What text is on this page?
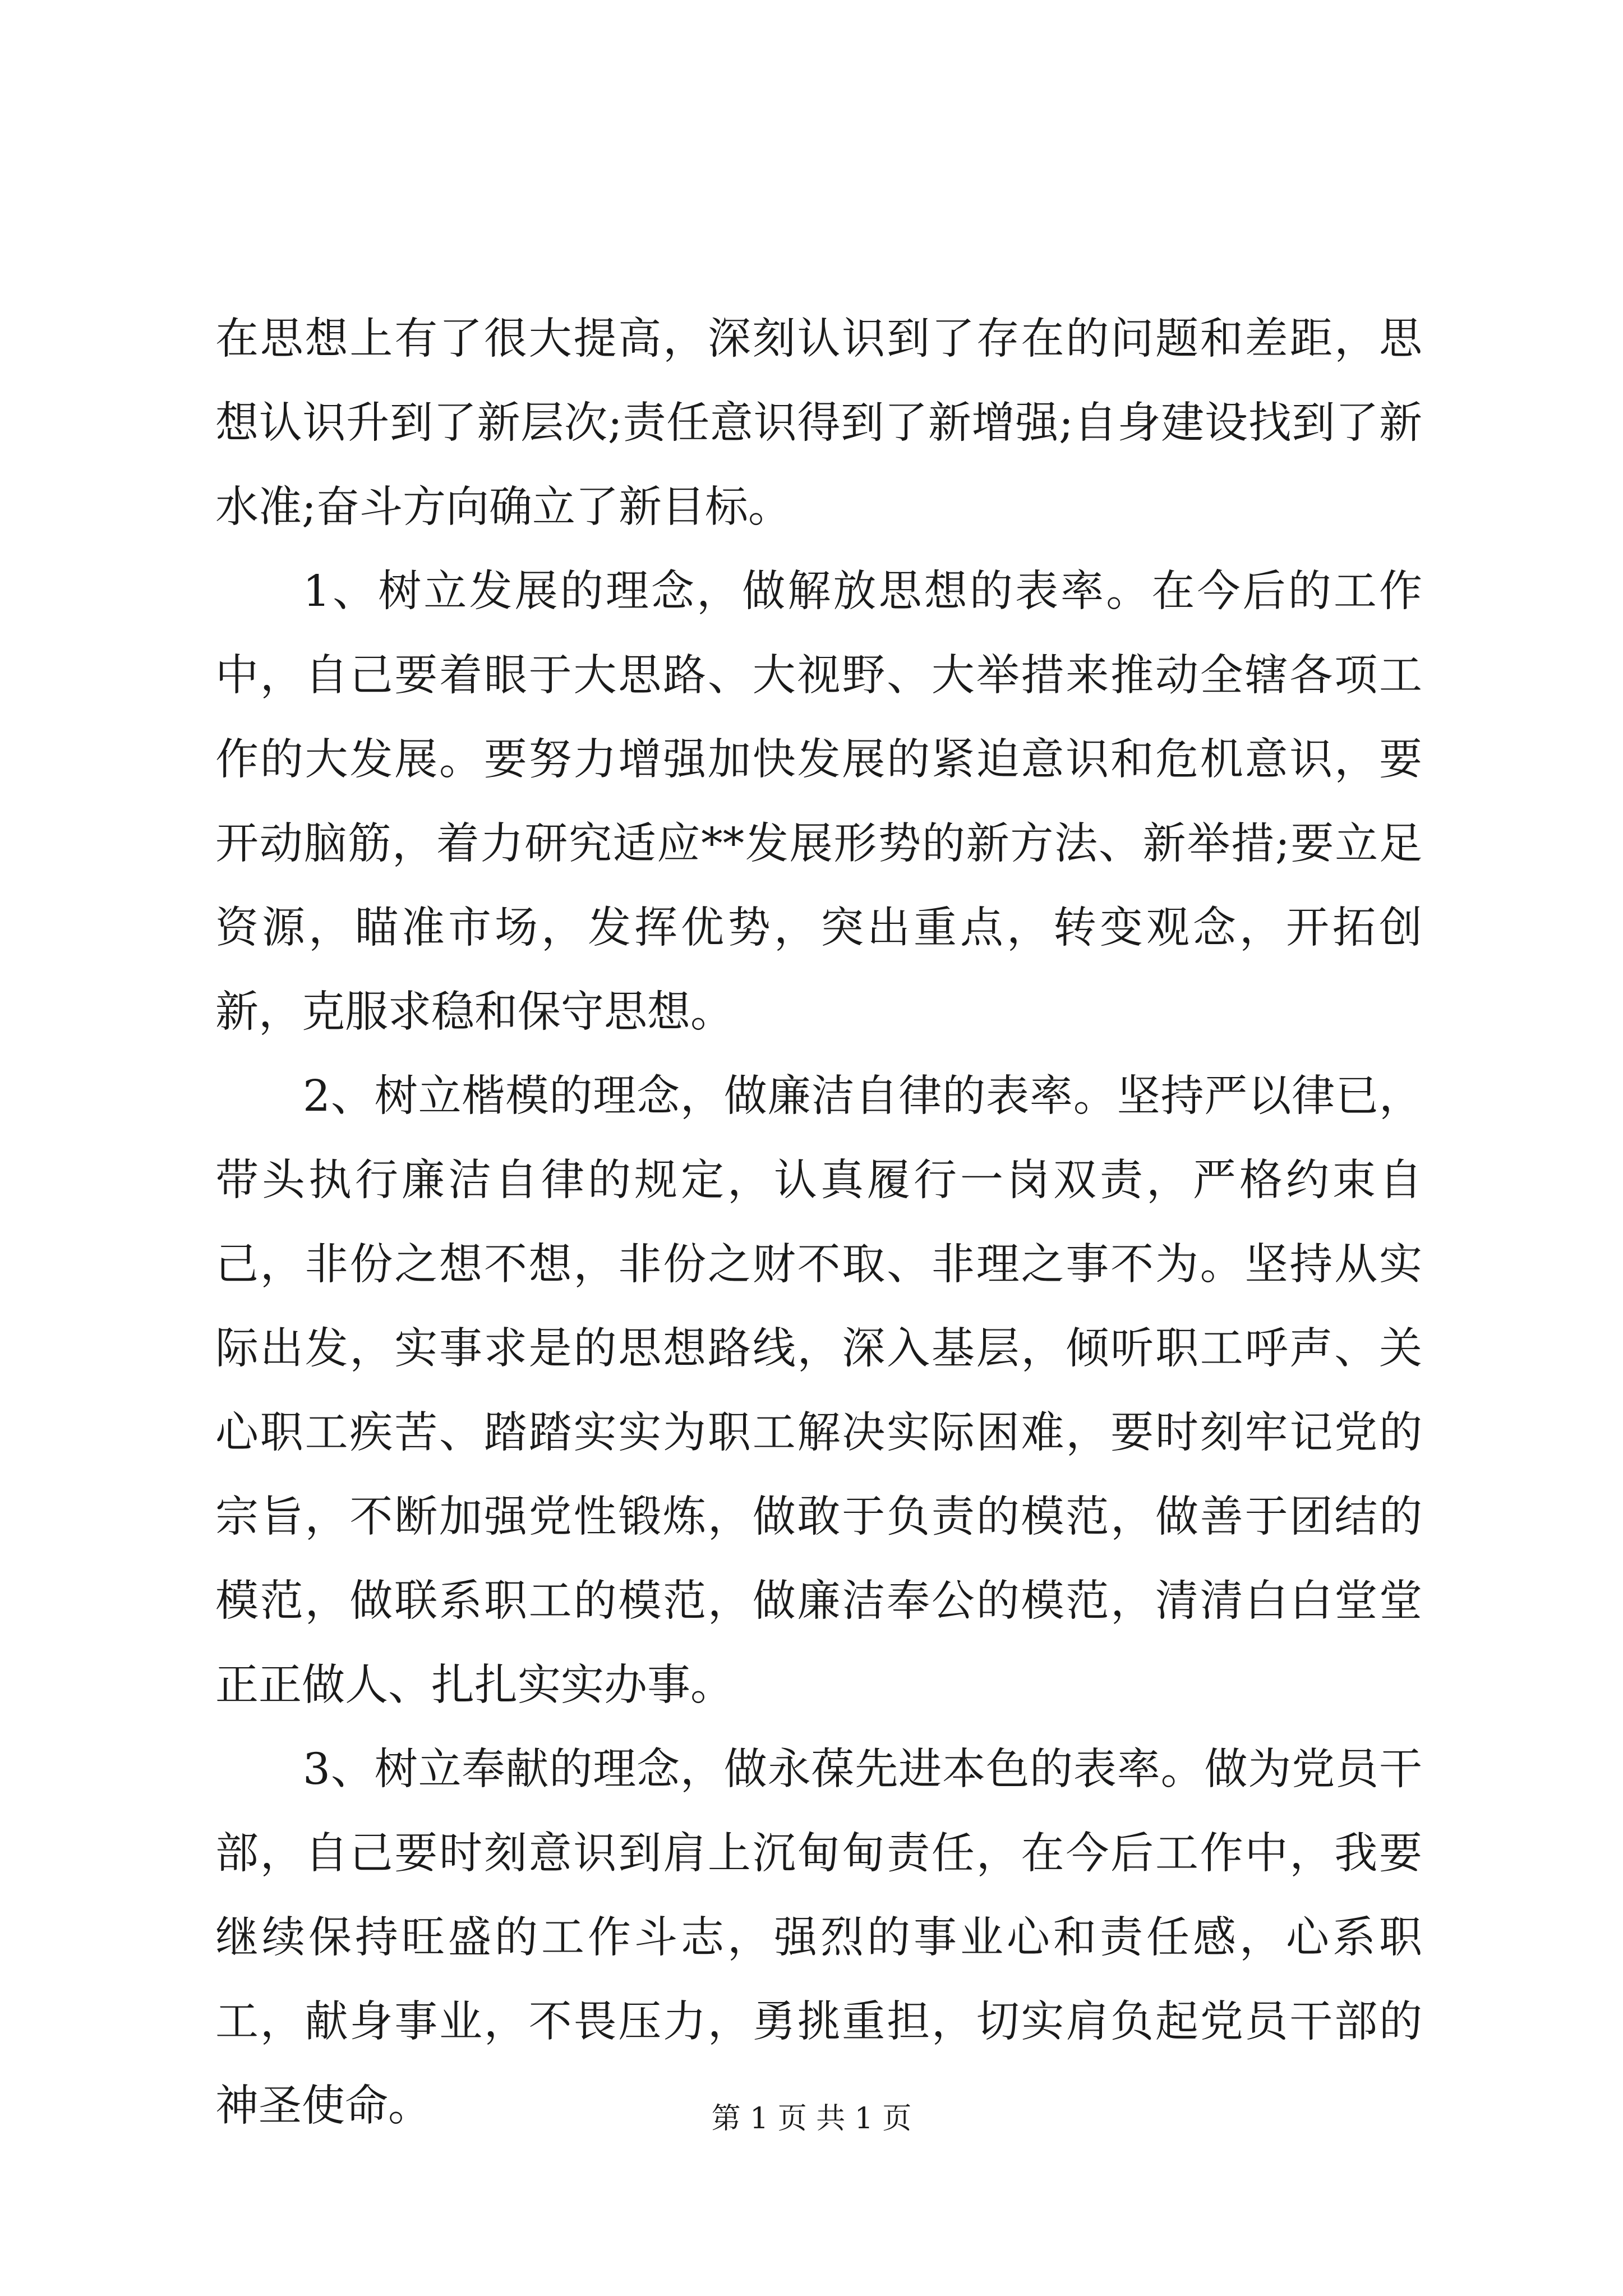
在思想上有了很大提高，深刻认识到了存在的问题和差距，思想认识升到了新层次;责任意识得到了新增强;自身建设找到了新水准;奋斗方向确立了新目标。

1、树立发展的理念，做解放思想的表率。在今后的工作中，自己要着眼于大思路、大视野、大举措来推动全辖各项工作的大发展。要努力增强加快发展的紧迫意识和危机意识，要开动脑筋，着力研究适应**发展形势的新方法、新举措;要立足资源，瞄准市场，发挥优势，突出重点，转变观念，开拓创新，克服求稳和保守思想。

2、树立楷模的理念，做廉洁自律的表率。坚持严以律已，带头执行廉洁自律的规定，认真履行一岗双责，严格约束自己，非份之想不想，非份之财不取、非理之事不为。坚持从实际出发，实事求是的思想路线，深入基层，倾听职工呼声、关心职工疾苦、踏踏实实为职工解决实际困难，要时刻牢记党的宗旨，不断加强党性锻炼，做敢于负责的模范，做善于团结的模范，做联系职工的模范，做廉洁奉公的模范，清清白白堂堂正正做人、扎扎实实办事。

3、树立奉献的理念，做永葆先进本色的表率。做为党员干部，自己要时刻意识到肩上沉甸甸责任，在今后工作中，我要继续保持旺盛的工作斗志，强烈的事业心和责任感，心系职工，献身事业，不畏压力，勇挑重担，切实肩负起党员干部的神圣使命。	第 1 页 共 1 页
